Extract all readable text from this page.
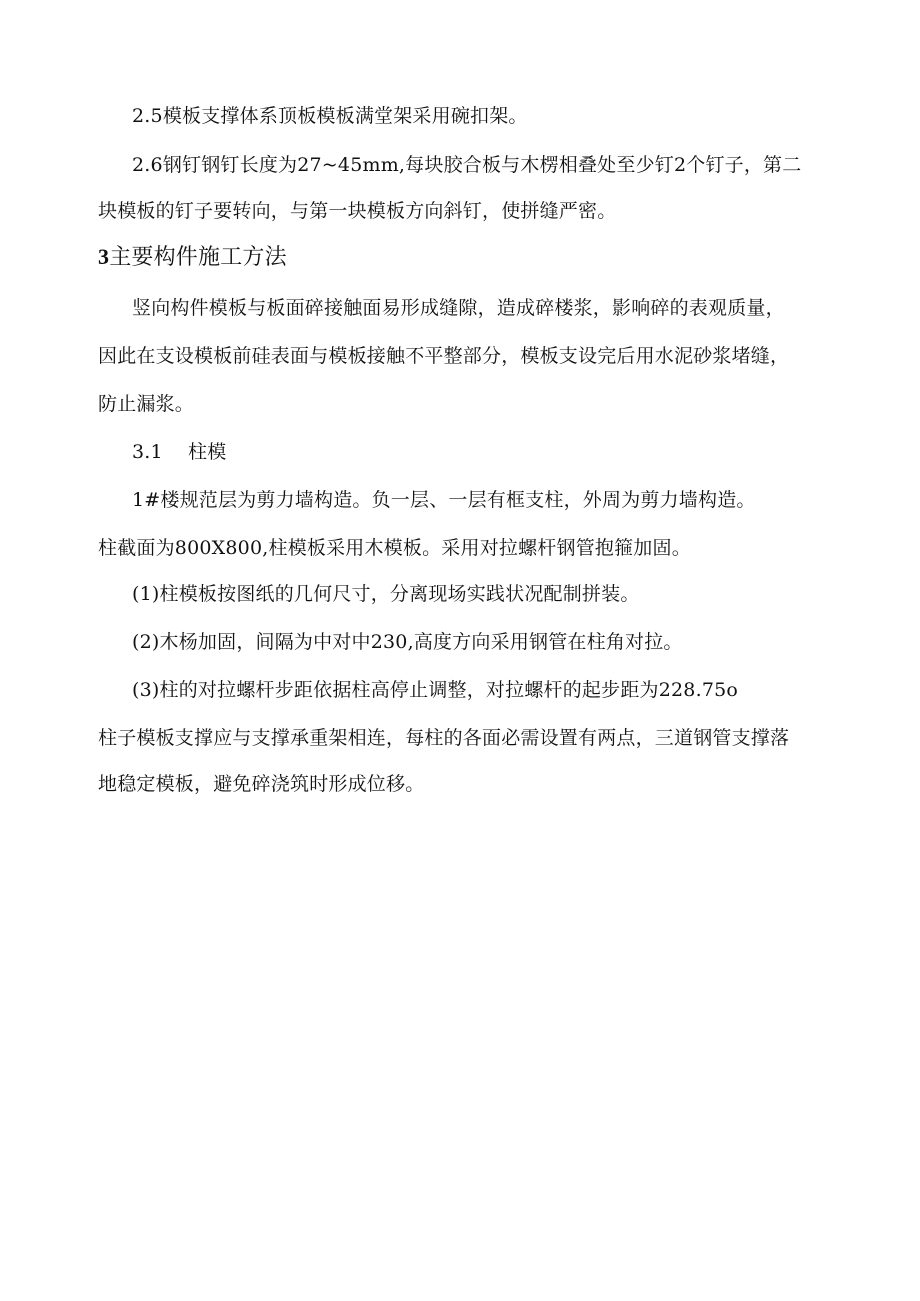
2.5模板支撑体系顶板模板满堂架采用碗扣架。
2.6钢钉钢钉长度为27~45mm,每块胶合板与木楞相叠处至少钉2个钉子，第二
块模板的钉子要转向，与第一块模板方向斜钉，使拼缝严密。
3主要构件施工方法
竖向构件模板与板面碎接触面易形成缝隙，造成碎楼浆，影响碎的表观质量，
因此在支设模板前硅表面与模板接触不平整部分，模板支设完后用水泥砂浆堵缝，
防止漏浆。
3.1 柱模
1#楼规范层为剪力墙构造。负一层、一层有框支柱，外周为剪力墙构造。
柱截面为800X800,柱模板采用木模板。采用对拉螺杆钢管抱箍加固。
(1)柱模板按图纸的几何尺寸，分离现场实践状况配制拼装。
(2)木杨加固，间隔为中对中230,高度方向采用钢管在柱角对拉。
(3)柱的对拉螺杆步距依据柱高停止调整，对拉螺杆的起步距为228.75o
柱子模板支撑应与支撑承重架相连，每柱的各面必需设置有两点，三道钢管支撑落
地稳定模板，避免碎浇筑时形成位移。
